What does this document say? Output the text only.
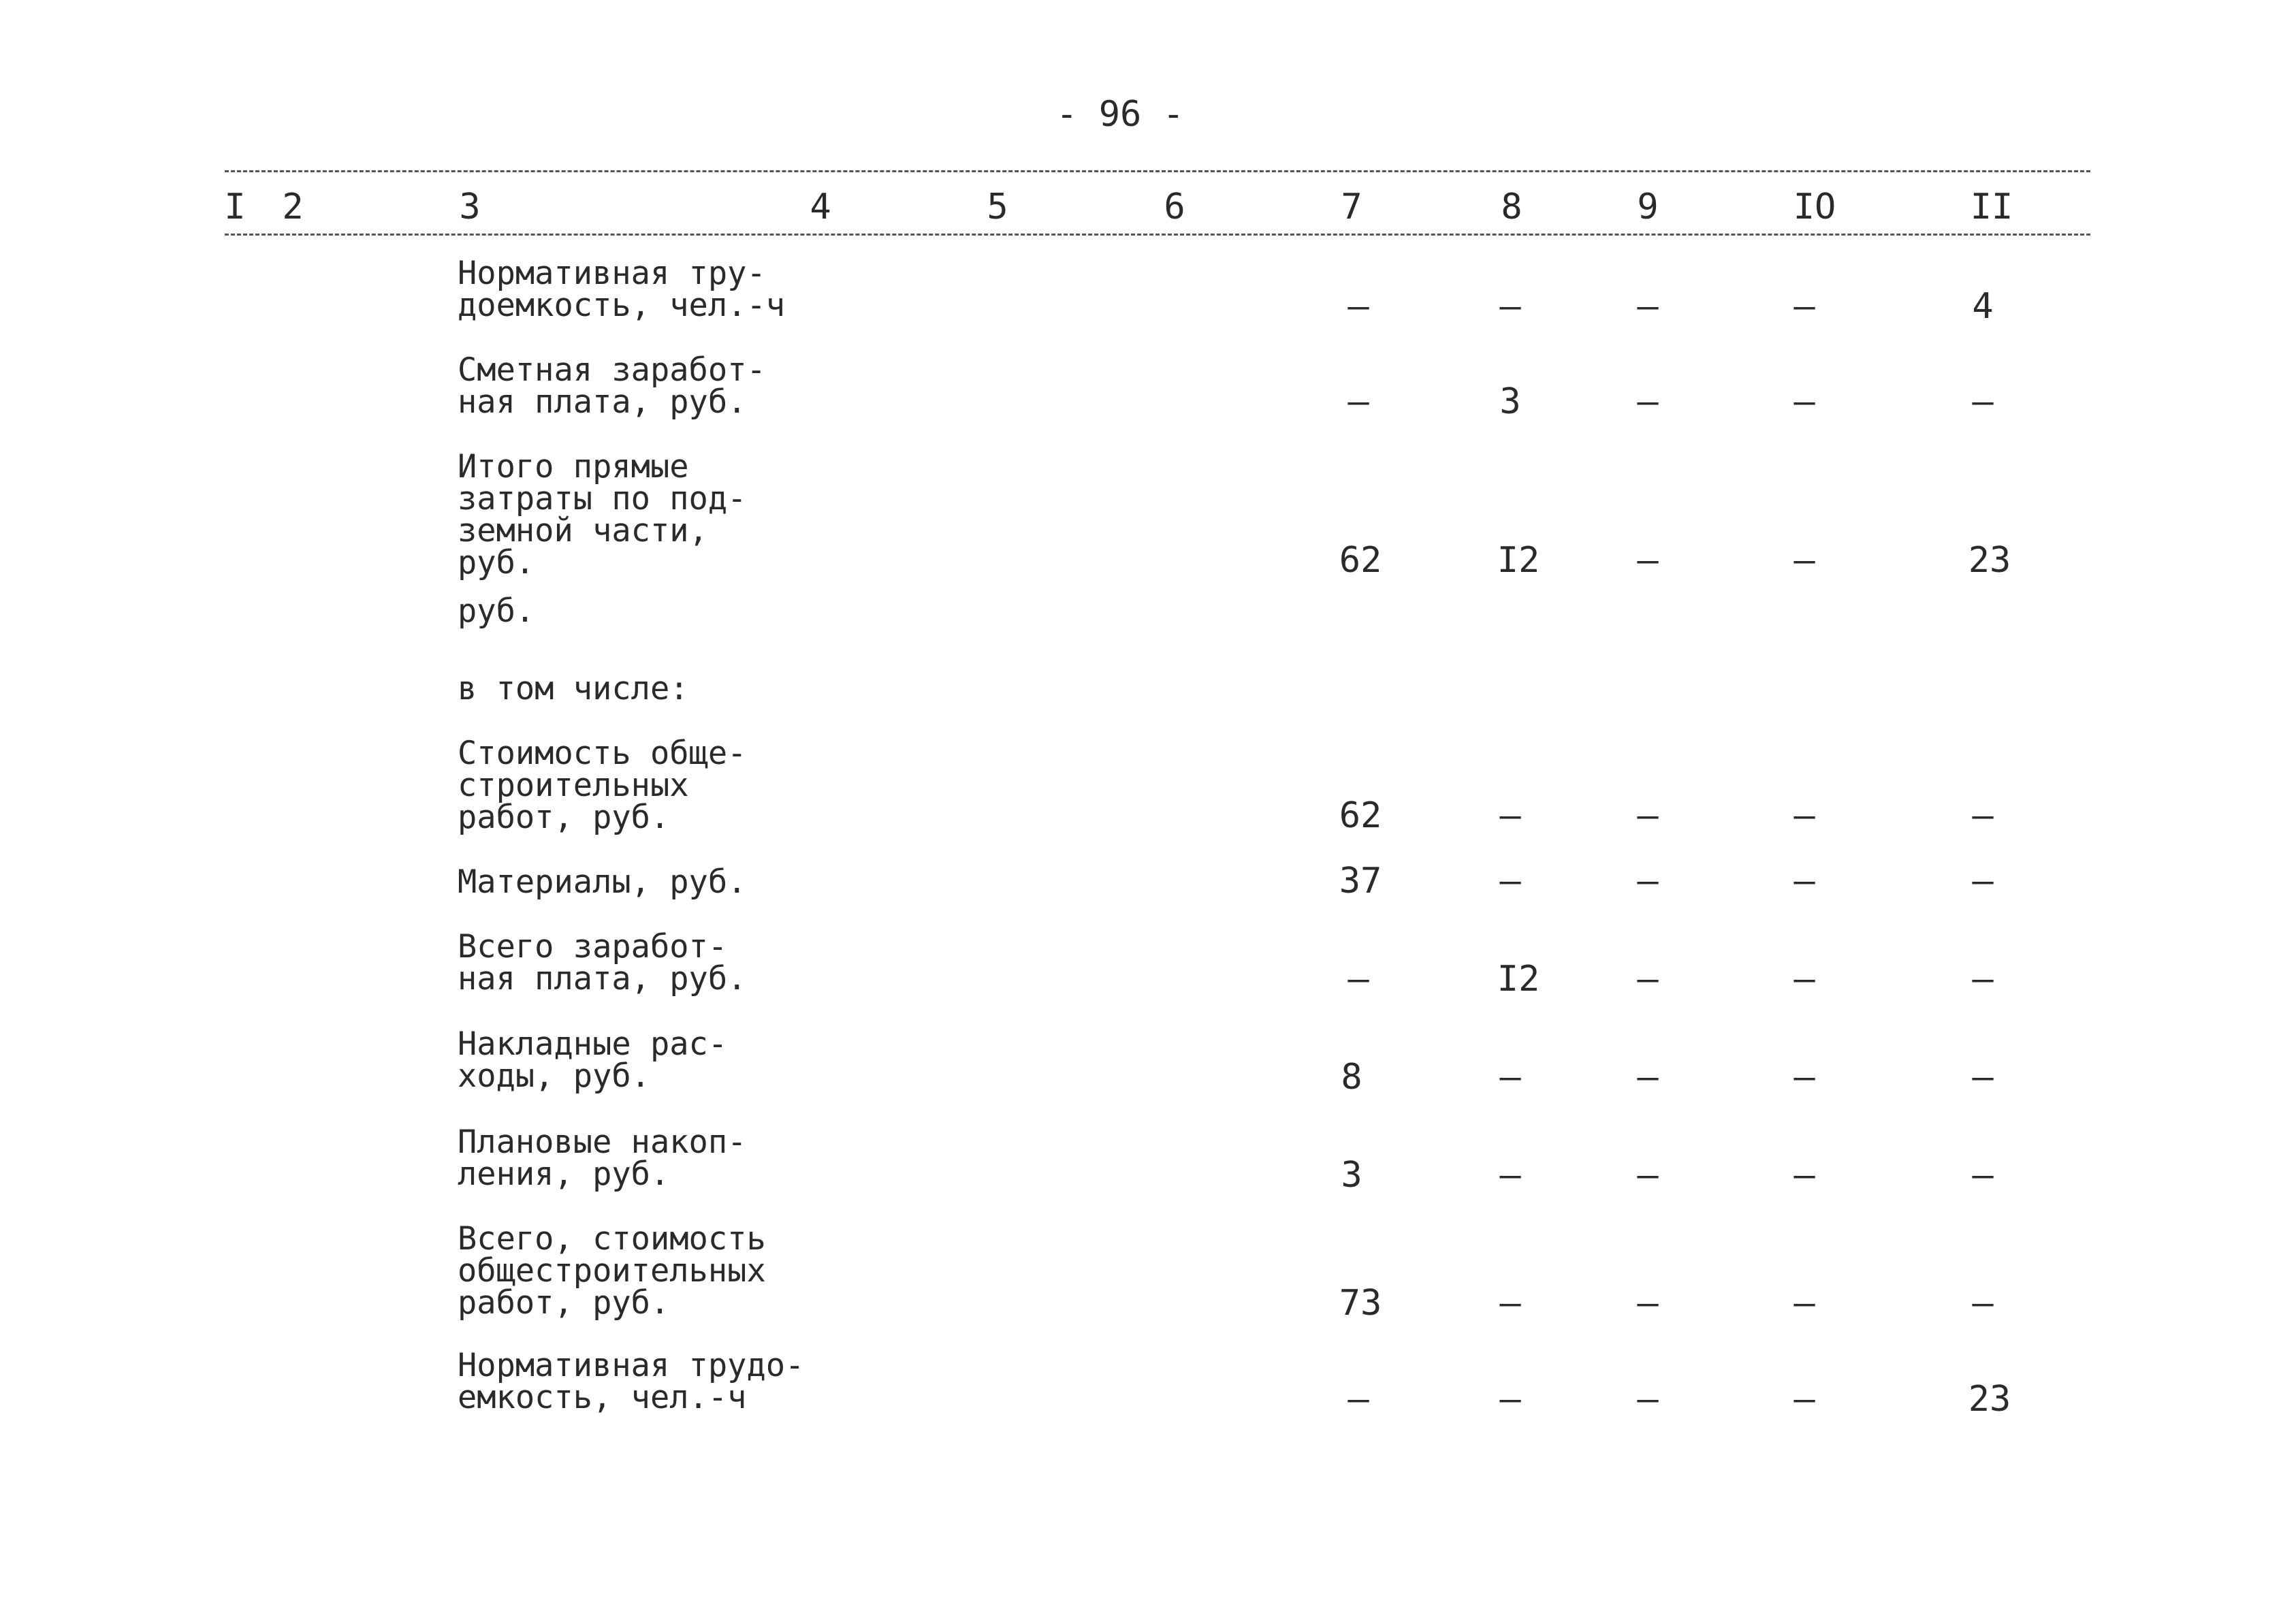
- 96 -
I 2	3	4	5	6	7	8	9	IO	II
Нормативная тру-
доемкость, чел.-ч	–	–	–	–	4
Сметная заработ-
ная плата, руб.	–	3	–	–	–
Итого прямые
затраты по под-
земной части,
руб.	62	I2	–	–	23
руб.
в том числе:
Стоимость обще-
строительных
работ, руб.	62	–	–	–	–
Материалы, руб.	37	–	–	–	–
Всего заработ-
ная плата, руб.	–	I2	–	–	–
Накладные рас-
ходы, руб.	8	–	–	–	–
Плановые накоп-
ления, руб.	3	–	–	–	–
Всего, стоимость
общестроительных
работ, руб.	73	–	–	–	–
Нормативная трудо-
емкость, чел.-ч	–	–	–	–	23
